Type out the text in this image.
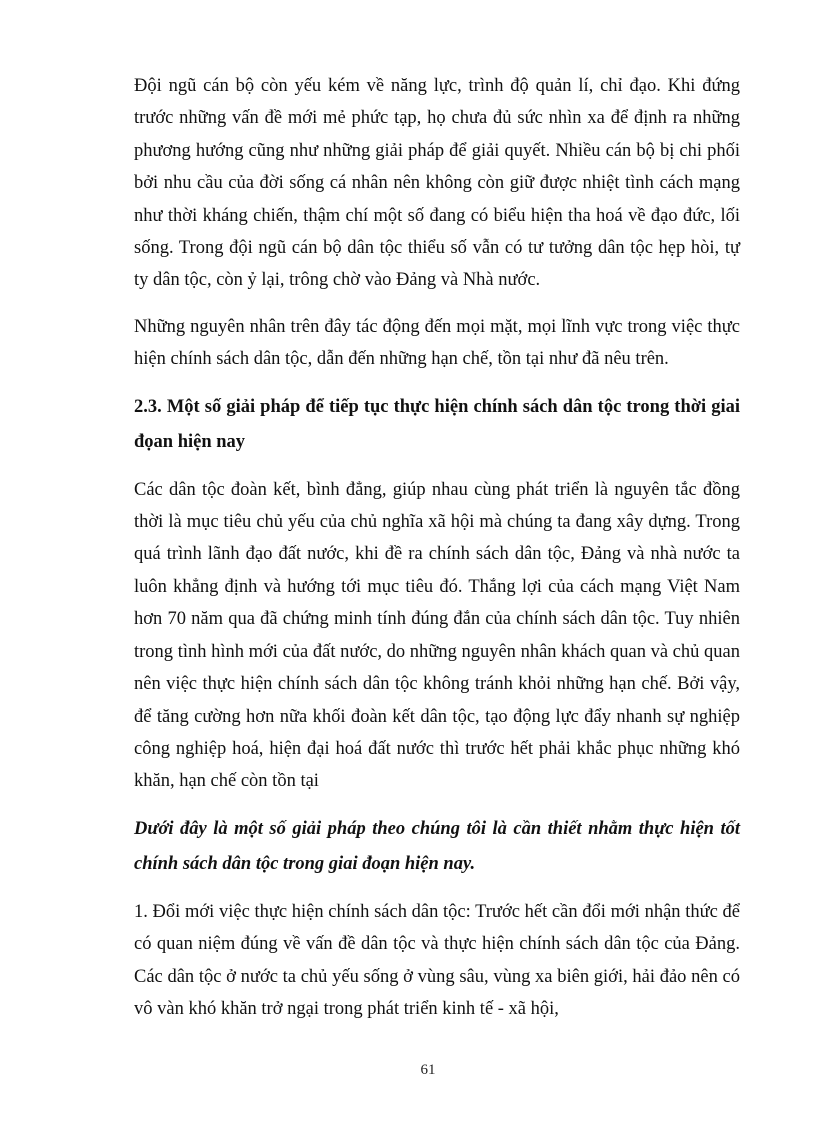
Đội ngũ cán bộ còn yếu kém về năng lực, trình độ quản lí, chỉ đạo. Khi đứng trước những vấn đề mới mẻ phức tạp, họ chưa đủ sức nhìn xa để định ra những phương hướng cũng như những giải pháp để giải quyết. Nhiều cán bộ bị chi phối bởi nhu cầu của đời sống cá nhân nên không còn giữ được nhiệt tình cách mạng như thời kháng chiến, thậm chí một số đang có biểu hiện tha hoá về đạo đức, lối sống. Trong đội ngũ cán bộ dân tộc thiểu số vẫn có tư tưởng dân tộc hẹp hòi, tự ty dân tộc, còn ỷ lại, trông chờ vào Đảng và Nhà nước.

Những nguyên nhân trên đây tác động đến mọi mặt, mọi lĩnh vực trong việc thực hiện chính sách dân tộc, dẫn đến những hạn chế, tồn tại như đã nêu trên.

2.3. Một số giải pháp để tiếp tục thực hiện chính sách dân tộc trong thời giai đọan hiện nay

Các dân tộc đoàn kết, bình đẳng, giúp nhau cùng phát triển là nguyên tắc đồng thời là mục tiêu chủ yếu của chủ nghĩa xã hội mà chúng ta đang xây dựng. Trong quá trình lãnh đạo đất nước, khi đề ra chính sách dân tộc, Đảng và nhà nước ta luôn khẳng định và hướng tới mục tiêu đó. Thắng lợi của cách mạng Việt Nam hơn 70 năm qua đã chứng minh tính đúng đắn của chính sách dân tộc. Tuy nhiên trong tình hình mới của đất nước, do những nguyên nhân khách quan và chủ quan nên việc thực hiện chính sách dân tộc không tránh khỏi những hạn chế. Bởi vậy, để tăng cường hơn nữa khối đoàn kết dân tộc, tạo động lực đẩy nhanh sự nghiệp công nghiệp hoá, hiện đại hoá đất nước thì trước hết phải khắc phục những khó khăn, hạn chế còn tồn tại

Dưới đây là một số giải pháp theo chúng tôi là cần thiết nhằm thực hiện tốt chính sách dân tộc trong giai đoạn hiện nay.

1. Đổi mới việc thực hiện chính sách dân tộc: Trước hết cần đổi mới nhận thức để có quan niệm đúng về vấn đề dân tộc và thực hiện chính sách dân tộc của Đảng. Các dân tộc ở nước ta chủ yếu sống ở vùng sâu, vùng xa biên giới, hải đảo nên có vô vàn khó khăn trở ngại trong phát triển kinh tế - xã hội,

61
